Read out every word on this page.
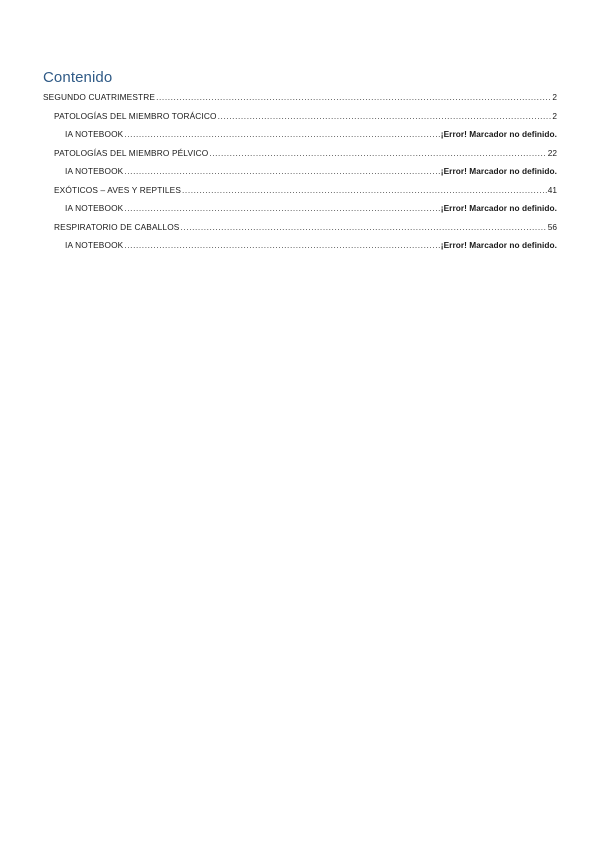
Contenido
SEGUNDO CUATRIMESTRE .....	2
PATOLOGÍAS DEL MIEMBRO TORÁCICO .....	2
IA NOTEBOOK .....	¡Error! Marcador no definido.
PATOLOGÍAS DEL MIEMBRO PÉLVICO .....	22
IA NOTEBOOK .....	¡Error! Marcador no definido.
EXÓTICOS – AVES Y REPTILES .....	41
IA NOTEBOOK .....	¡Error! Marcador no definido.
RESPIRATORIO DE CABALLOS .....	56
IA NOTEBOOK .....	¡Error! Marcador no definido.
